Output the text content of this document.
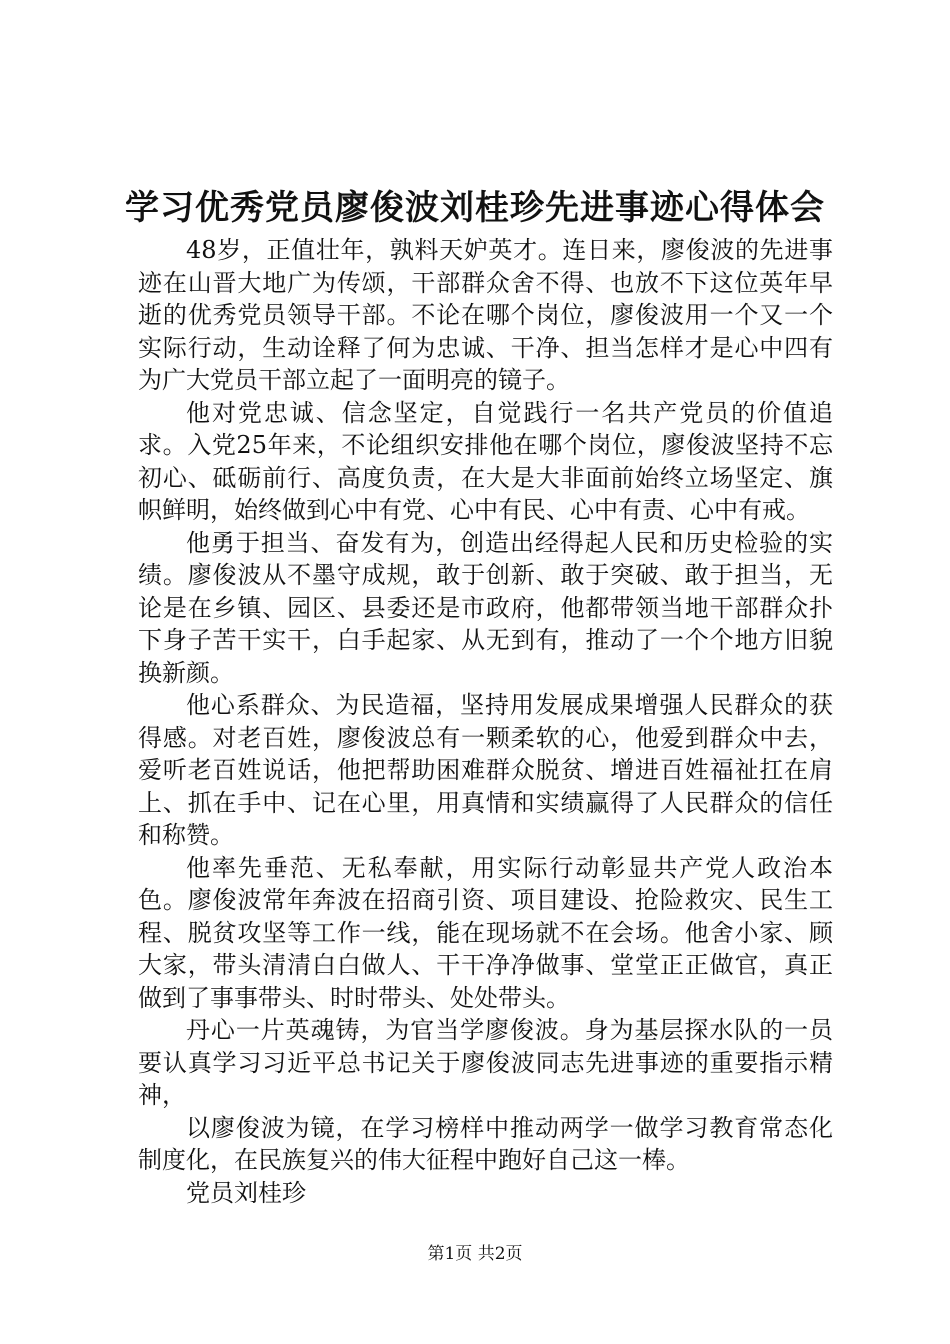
学习优秀党员廖俊波刘桂珍先进事迹心得体会

48岁，正值壮年，孰料天妒英才。连日来，廖俊波的先进事迹在山晋大地广为传颂，干部群众舍不得、也放不下这位英年早逝的优秀党员领导干部。不论在哪个岗位，廖俊波用一个又一个实际行动，生动诠释了何为忠诚、干净、担当怎样才是心中四有为广大党员干部立起了一面明亮的镜子。

他对党忠诚、信念坚定，自觉践行一名共产党员的价值追求。入党25年来，不论组织安排他在哪个岗位，廖俊波坚持不忘初心、砥砺前行、高度负责，在大是大非面前始终立场坚定、旗帜鲜明，始终做到心中有党、心中有民、心中有责、心中有戒。

他勇于担当、奋发有为，创造出经得起人民和历史检验的实绩。廖俊波从不墨守成规，敢于创新、敢于突破、敢于担当，无论是在乡镇、园区、县委还是市政府，他都带领当地干部群众扑下身子苦干实干，白手起家、从无到有，推动了一个个地方旧貌换新颜。

他心系群众、为民造福，坚持用发展成果增强人民群众的获得感。对老百姓，廖俊波总有一颗柔软的心，他爱到群众中去，爱听老百姓说话，他把帮助困难群众脱贫、增进百姓福祉扛在肩上、抓在手中、记在心里，用真情和实绩赢得了人民群众的信任和称赞。

他率先垂范、无私奉献，用实际行动彰显共产党人政治本色。廖俊波常年奔波在招商引资、项目建设、抢险救灾、民生工程、脱贫攻坚等工作一线，能在现场就不在会场。他舍小家、顾大家，带头清清白白做人、干干净净做事、堂堂正正做官，真正做到了事事带头、时时带头、处处带头。

丹心一片英魂铸，为官当学廖俊波。身为基层探水队的一员要认真学习习近平总书记关于廖俊波同志先进事迹的重要指示精神，

以廖俊波为镜，在学习榜样中推动两学一做学习教育常态化制度化，在民族复兴的伟大征程中跑好自己这一棒。

党员刘桂珍

第1页 共2页
